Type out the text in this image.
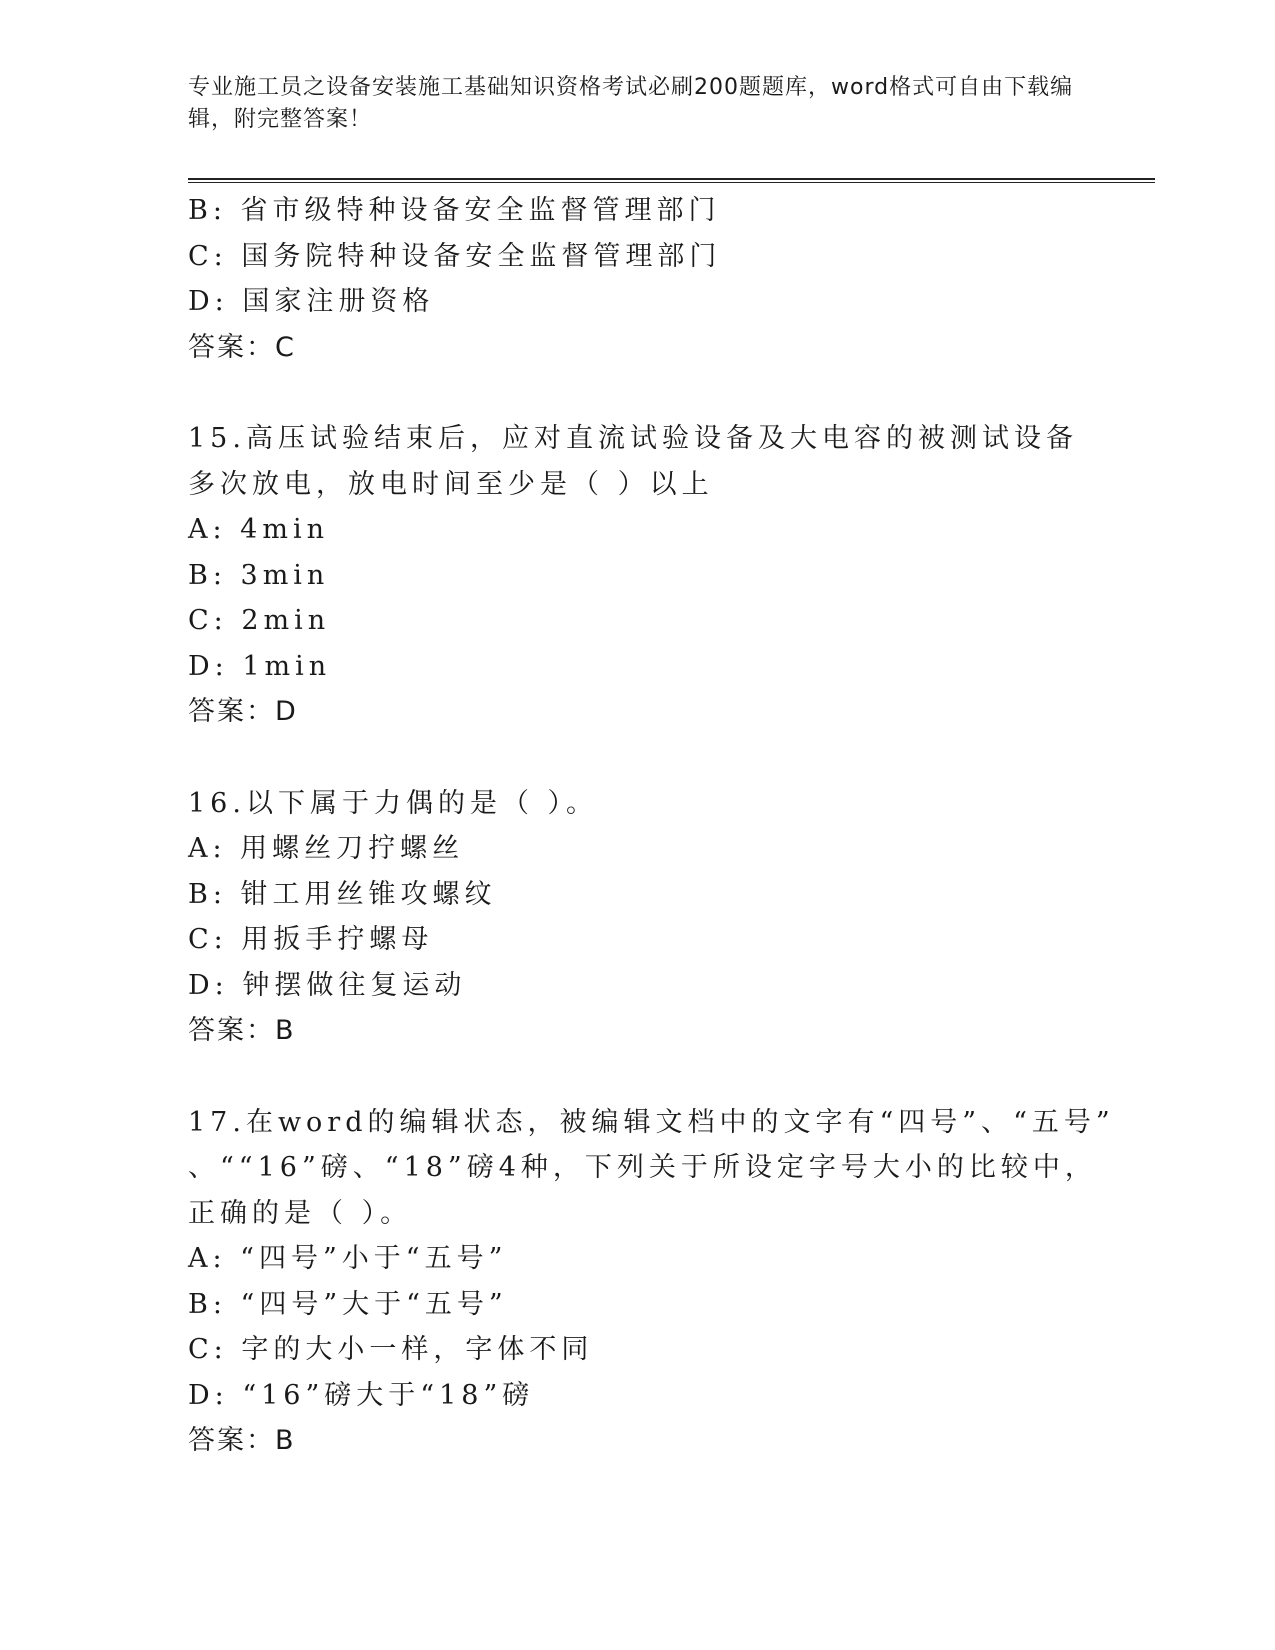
专业施工员之设备安装施工基础知识资格考试必刷200题题库，word格式可自由下载编辑，附完整答案！
B: 省市级特种设备安全监督管理部门
C: 国务院特种设备安全监督管理部门
D: 国家注册资格
答案：C
15.高压试验结束后，应对直流试验设备及大电容的被测试设备多次放电，放电时间至少是（ ）以上
A: 4min
B: 3min
C: 2min
D: 1min
答案：D
16.以下属于力偶的是（ ）。
A: 用螺丝刀拧螺丝
B: 钳工用丝锥攻螺纹
C: 用扳手拧螺母
D: 钟摆做往复运动
答案：B
17.在word的编辑状态，被编辑文档中的文字有“四号”、“五号”
、““16”磅、“18”磅4种，下列关于所设定字号大小的比较中，
正确的是（ ）。
A: “四号”小于“五号”
B: “四号”大于“五号”
C: 字的大小一样，字体不同
D: “16”磅大于“18”磅
答案：B
